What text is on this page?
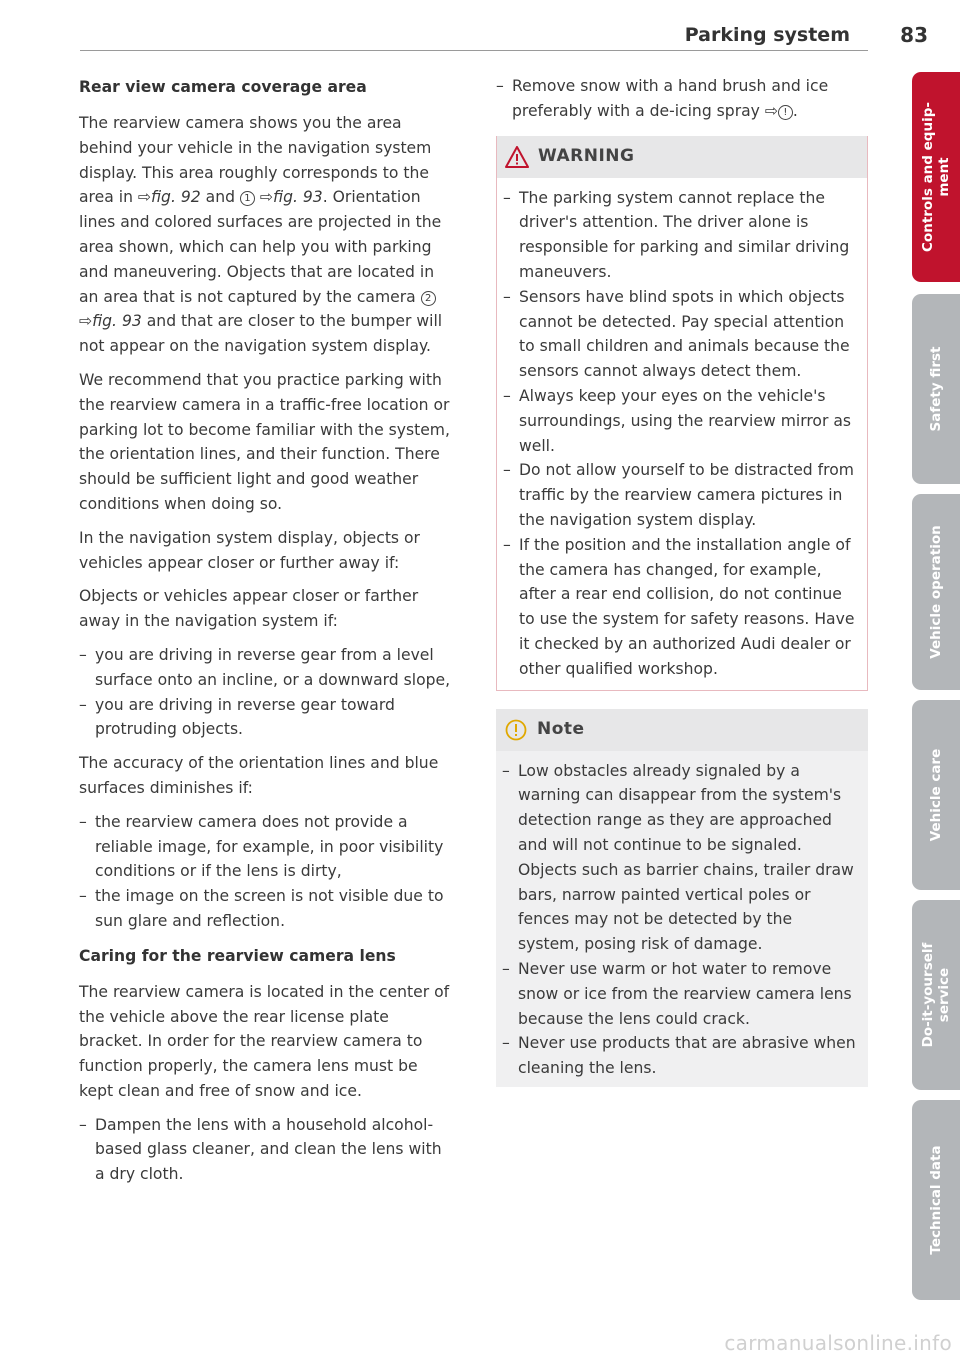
Parking system	83
Rear view camera coverage area

The rearview camera shows you the area behind your vehicle in the navigation system display. This area roughly corresponds to the area in ⇨fig. 92 and 1 ⇨fig. 93. Orientation lines and colored surfaces are projected in the area shown, which can help you with parking and maneuvering. Objects that are located in an area that is not captured by the camera 2 ⇨fig. 93 and that are closer to the bumper will not appear on the navigation system display.

We recommend that you practice parking with the rearview camera in a traffic-free location or parking lot to become familiar with the system, the orientation lines, and their function. There should be sufficient light and good weather conditions when doing so.

In the navigation system display, objects or vehicles appear closer or further away if:

Objects or vehicles appear closer or farther away in the navigation system if:

– you are driving in reverse gear from a level surface onto an incline, or a downward slope,
– you are driving in reverse gear toward protruding objects.

The accuracy of the orientation lines and blue surfaces diminishes if:

– the rearview camera does not provide a reliable image, for example, in poor visibility conditions or if the lens is dirty,
– the image on the screen is not visible due to sun glare and reflection.
Caring for the rearview camera lens

The rearview camera is located in the center of the vehicle above the rear license plate bracket. In order for the rearview camera to function properly, the camera lens must be kept clean and free of snow and ice.

– Dampen the lens with a household alcohol-based glass cleaner, and clean the lens with a dry cloth.
– Remove snow with a hand brush and ice preferably with a de-icing spray ⇨ ! .
WARNING
– The parking system cannot replace the driver's attention. The driver alone is responsible for parking and similar driving maneuvers.
– Sensors have blind spots in which objects cannot be detected. Pay special attention to small children and animals because the sensors cannot always detect them.
– Always keep your eyes on the vehicle's surroundings, using the rearview mirror as well.
– Do not allow yourself to be distracted from traffic by the rearview camera pictures in the navigation system display.
– If the position and the installation angle of the camera has changed, for example, after a rear end collision, do not continue to use the system for safety reasons. Have it checked by an authorized Audi dealer or other qualified workshop.
Note
– Low obstacles already signaled by a warning can disappear from the system's detection range as they are approached and will not continue to be signaled. Objects such as barrier chains, trailer draw bars, narrow painted vertical poles or fences may not be detected by the system, posing risk of damage.
– Never use warm or hot water to remove snow or ice from the rearview camera lens because the lens could crack.
– Never use products that are abrasive when cleaning the lens.
Controls and equip-
ment
Safety first
Vehicle operation
Vehicle care
Do-it-yourself
service
Technical data
carmanualsonline.info
